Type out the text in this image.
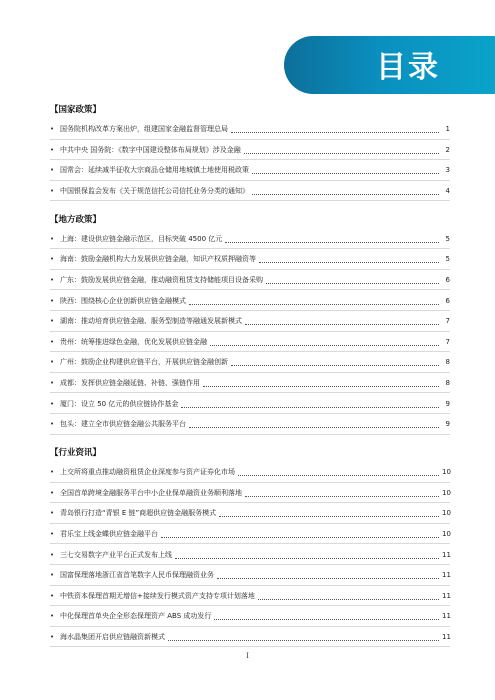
目录
【国家政策】
• 国务院机构改革方案出炉，组建国家金融监督管理总局	1
• 中共中央 国务院：《数字中国建设整体布局规划》涉及金融	2
• 国常会：延续减半征收大宗商品仓储用地城镇土地使用税政策	3
• 中国银保监会发布《关于规范信托公司信托业务分类的通知》	4
【地方政策】
• 上海：建设供应链金融示范区，目标突破 4500 亿元	5
• 海南：鼓励金融机构大力发展供应链金融，知识产权质押融资等	5
• 广东：鼓励发展供应链金融，推动融资租赁支持储能项目设备采购	6
• 陕西：围绕核心企业创新供应链金融模式	6
• 湖南：推动培育供应链金融、服务型制造等融通发展新模式	7
• 贵州：统筹推进绿色金融，优化发展供应链金融	7
• 广州：鼓励企业构建供应链平台，开展供应链金融创新	8
• 成都：发挥供应链金融延链、补链、强链作用	8
• 厦门：设立 50 亿元的供应链协作基金	9
• 包头：建立全市供应链金融公共服务平台	9
【行业资讯】
• 上交所将重点推动融资租赁企业深度参与资产证券化市场	10
• 全国首单跨境金融服务平台中小企业保单融资业务顺利落地	10
• 青岛银行打造“青银 E 链”商超供应链金融服务模式	10
• 君乐宝上线金蝶供应链金融平台	10
• 三七交易数字产业平台正式发布上线	11
• 国富保理落地浙江省首笔数字人民币保理融资业务	11
• 中铁资本保理首期无增信+接续发行模式资产支持专项计划落地	11
• 中化保理首单央企全形态保理资产 ABS 成功发行	11
• 海水晶集团开启供应链融资新模式	11
I
